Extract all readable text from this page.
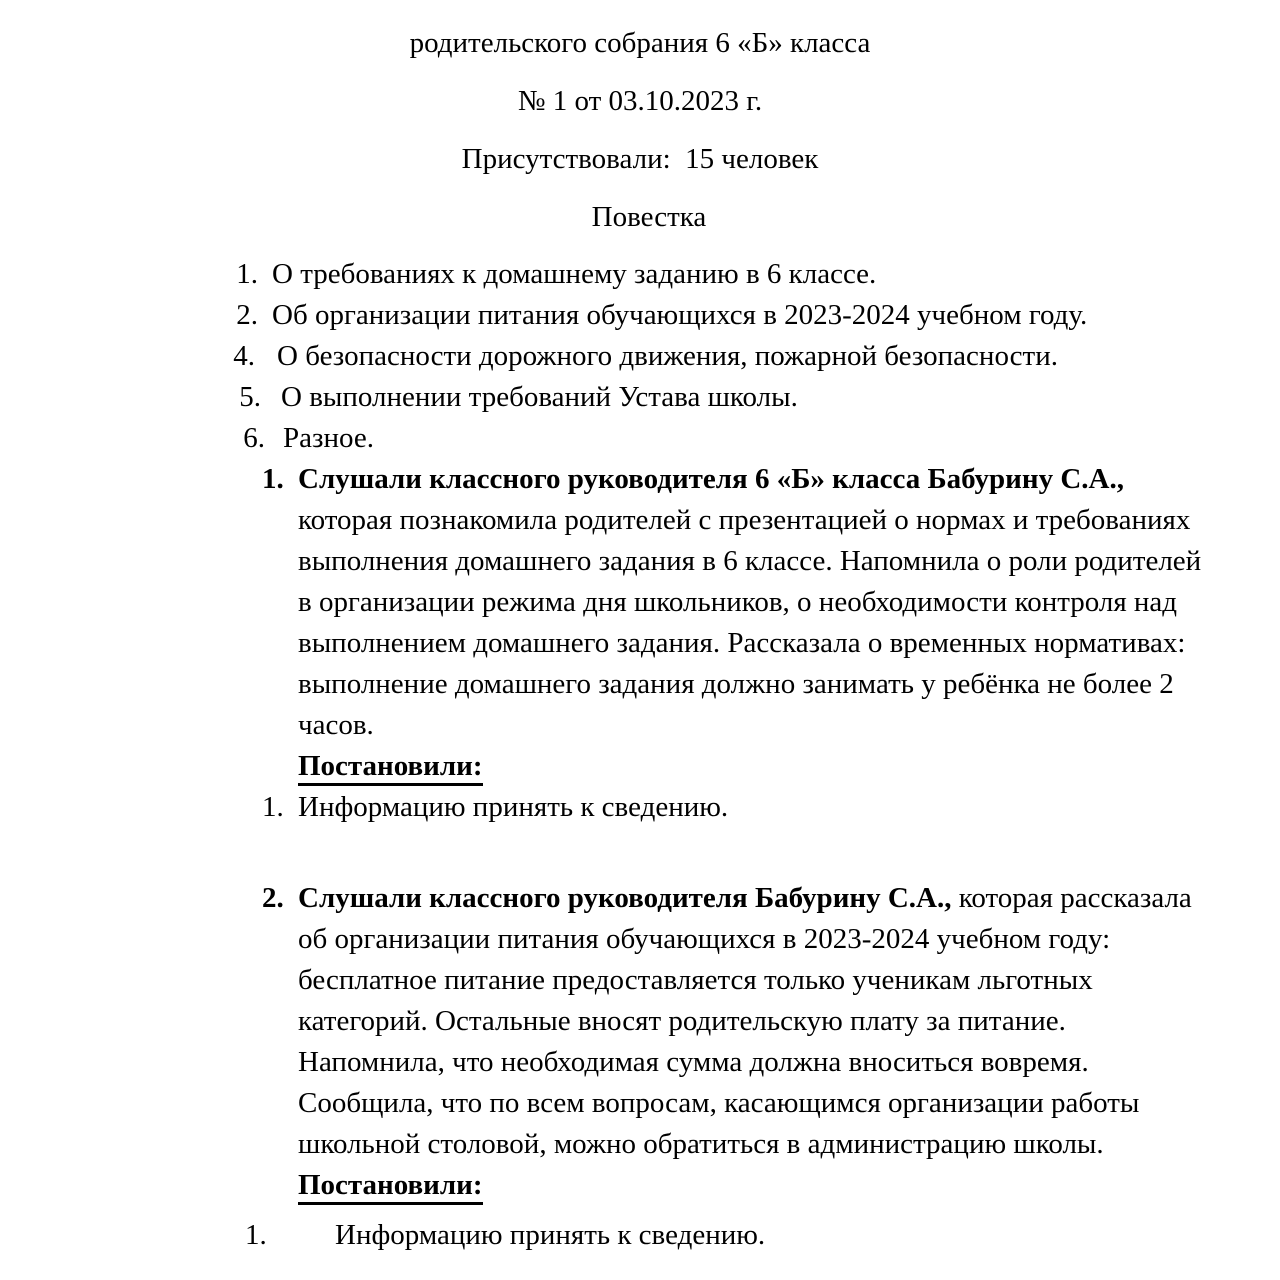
родительского собрания 6 «Б» класса
№ 1 от 03.10.2023 г.
Присутствовали:  15 человек
Повестка
1. О требованиях к домашнему заданию в 6 классе.
2. Об организации питания обучающихся в 2023-2024 учебном году.
4. О безопасности дорожного движения, пожарной безопасности.
5. О выполнении требований Устава школы.
6. Разное.
1. Слушали классного руководителя 6 «Б» класса Бабурину С.А., которая познакомила родителей с презентацией о нормах и требованиях выполнения домашнего задания в 6 классе. Напомнила о роли родителей в организации режима дня школьников, о необходимости контроля над выполнением домашнего задания. Рассказала о временных нормативах: выполнение домашнего задания должно занимать у ребёнка не более 2 часов.
Постановили:
1. Информацию принять к сведению.
2. Слушали классного руководителя Бабурину С.А., которая рассказала об организации питания обучающихся в 2023-2024 учебном году: бесплатное питание предоставляется только ученикам льготных категорий. Остальные вносят родительскую плату за питание. Напомнила, что необходимая сумма должна вноситься вовремя. Сообщила, что по всем вопросам, касающимся организации работы школьной столовой, можно обратиться в администрацию школы.
Постановили:
1.	Информацию принять к сведению.
